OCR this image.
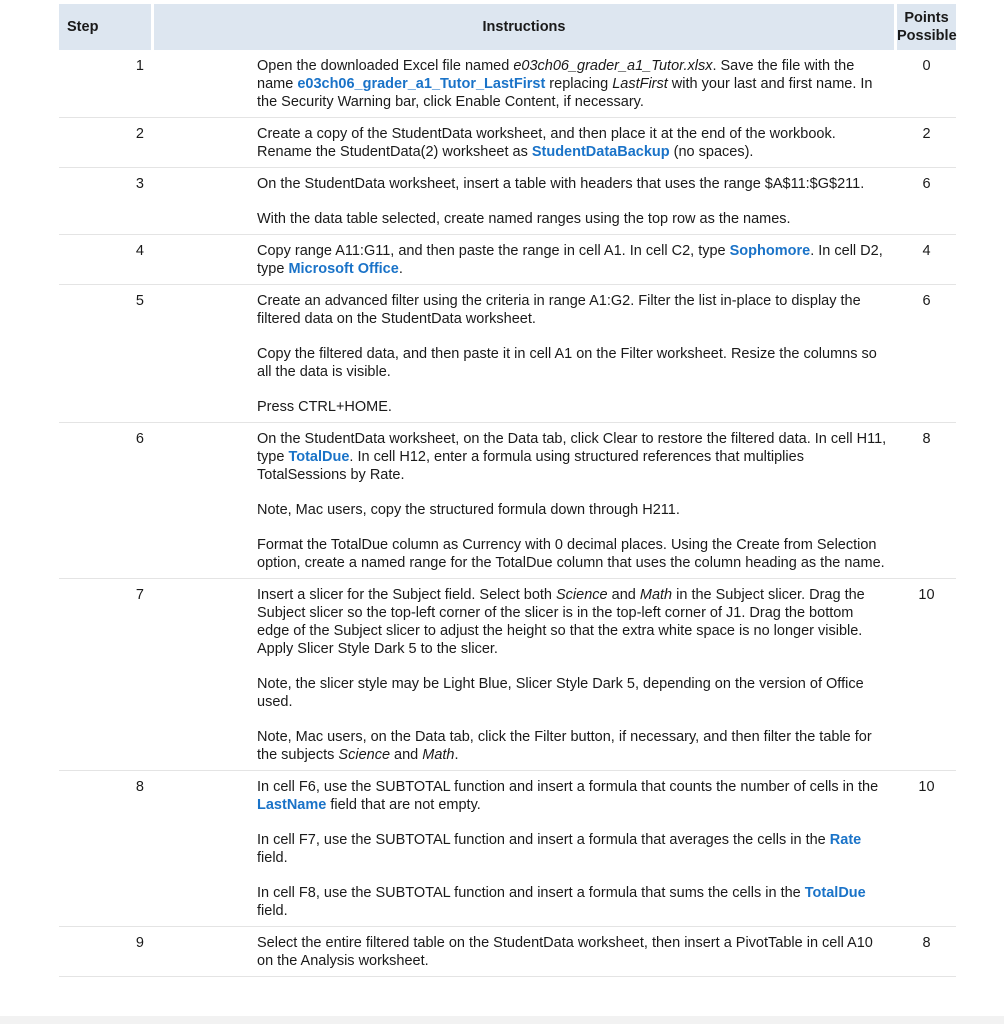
Step	Instructions	Points
Possible
1	Open the downloaded Excel file named e03ch06_grader_a1_Tutor.xlsx. Save the file with the name e03ch06_grader_a1_Tutor_LastFirst replacing LastFirst with your last and first name. In the Security Warning bar, click Enable Content, if necessary.	0
2	Create a copy of the StudentData worksheet, and then place it at the end of the workbook. Rename the StudentData(2) worksheet as StudentDataBackup (no spaces).	2
3	On the StudentData worksheet, insert a table with headers that uses the range $A$11:$G$211.

With the data table selected, create named ranges using the top row as the names.	6
4	Copy range A11:G11, and then paste the range in cell A1. In cell C2, type Sophomore. In cell D2, type Microsoft Office.	4
5	Create an advanced filter using the criteria in range A1:G2. Filter the list in-place to display the filtered data on the StudentData worksheet.

Copy the filtered data, and then paste it in cell A1 on the Filter worksheet. Resize the columns so all the data is visible.

Press CTRL+HOME.	6
6	On the StudentData worksheet, on the Data tab, click Clear to restore the filtered data. In cell H11, type TotalDue. In cell H12, enter a formula using structured references that multiplies TotalSessions by Rate.

Note, Mac users, copy the structured formula down through H211.

Format the TotalDue column as Currency with 0 decimal places. Using the Create from Selection option, create a named range for the TotalDue column that uses the column heading as the name.	8
7	Insert a slicer for the Subject field. Select both Science and Math in the Subject slicer. Drag the Subject slicer so the top-left corner of the slicer is in the top-left corner of J1. Drag the bottom edge of the Subject slicer to adjust the height so that the extra white space is no longer visible. Apply Slicer Style Dark 5 to the slicer.

Note, the slicer style may be Light Blue, Slicer Style Dark 5, depending on the version of Office used.

Note, Mac users, on the Data tab, click the Filter button, if necessary, and then filter the table for the subjects Science and Math.	10
8	In cell F6, use the SUBTOTAL function and insert a formula that counts the number of cells in the LastName field that are not empty.

In cell F7, use the SUBTOTAL function and insert a formula that averages the cells in the Rate field.

In cell F8, use the SUBTOTAL function and insert a formula that sums the cells in the TotalDue field.	10
9	Select the entire filtered table on the StudentData worksheet, then insert a PivotTable in cell A10 on the Analysis worksheet.	8
